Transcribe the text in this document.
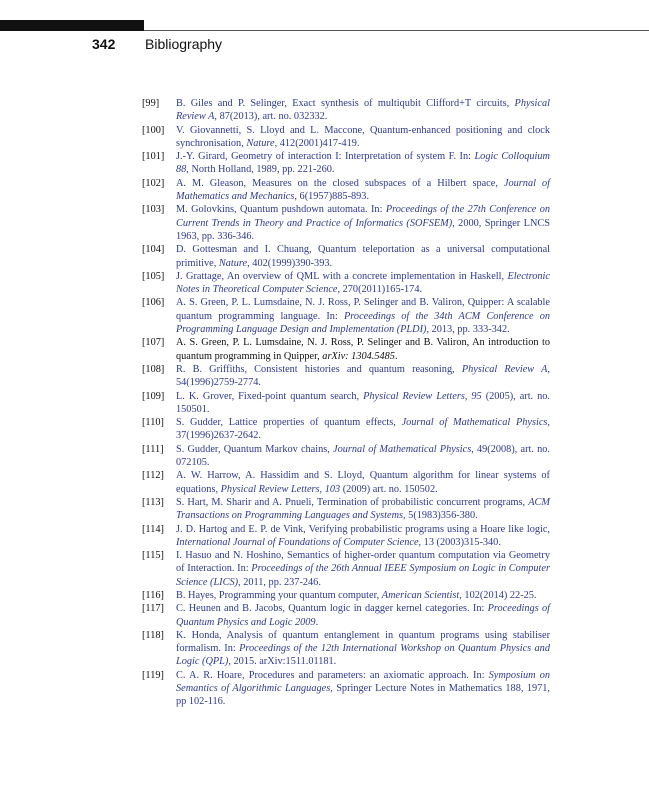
342 Bibliography
[99]	B. Giles and P. Selinger, Exact synthesis of multiqubit Clifford+T circuits, Physical Review A, 87(2013), art. no. 032332.
[100]	V. Giovannetti, S. Lloyd and L. Maccone, Quantum-enhanced positioning and clock synchronisation, Nature, 412(2001)417-419.
[101]	J.-Y. Girard, Geometry of interaction I: Interpretation of system F. In: Logic Colloquium 88, North Holland, 1989, pp. 221-260.
[102]	A. M. Gleason, Measures on the closed subspaces of a Hilbert space, Journal of Mathematics and Mechanics, 6(1957)885-893.
[103]	M. Golovkins, Quantum pushdown automata. In: Proceedings of the 27th Conference on Current Trends in Theory and Practice of Informatics (SOFSEM), 2000, Springer LNCS 1963, pp. 336-346.
[104]	D. Gottesman and I. Chuang, Quantum teleportation as a universal computational primitive, Nature, 402(1999)390-393.
[105]	J. Grattage, An overview of QML with a concrete implementation in Haskell, Electronic Notes in Theoretical Computer Science, 270(2011)165-174.
[106]	A. S. Green, P. L. Lumsdaine, N. J. Ross, P. Selinger and B. Valiron, Quipper: A scalable quantum programming language. In: Proceedings of the 34th ACM Conference on Programming Language Design and Implementation (PLDI), 2013, pp. 333-342.
[107]	A. S. Green, P. L. Lumsdaine, N. J. Ross, P. Selinger and B. Valiron, An introduction to quantum programming in Quipper, arXiv: 1304.5485.
[108]	R. B. Griffiths, Consistent histories and quantum reasoning, Physical Review A, 54(1996)2759-2774.
[109]	L. K. Grover, Fixed-point quantum search, Physical Review Letters, 95 (2005), art. no. 150501.
[110]	S. Gudder, Lattice properties of quantum effects, Journal of Mathematical Physics, 37(1996)2637-2642.
[111]	S. Gudder, Quantum Markov chains, Journal of Mathematical Physics, 49(2008), art. no. 072105.
[112]	A. W. Harrow, A. Hassidim and S. Lloyd, Quantum algorithm for linear systems of equations, Physical Review Letters, 103 (2009) art. no. 150502.
[113]	S. Hart, M. Sharir and A. Pnueli, Termination of probabilistic concurrent programs, ACM Transactions on Programming Languages and Systems, 5(1983)356-380.
[114]	J. D. Hartog and E. P. de Vink, Verifying probabilistic programs using a Hoare like logic, International Journal of Foundations of Computer Science, 13 (2003)315-340.
[115]	I. Hasuo and N. Hoshino, Semantics of higher-order quantum computation via Geometry of Interaction. In: Proceedings of the 26th Annual IEEE Symposium on Logic in Computer Science (LICS), 2011, pp. 237-246.
[116]	B. Hayes, Programming your quantum computer, American Scientist, 102(2014) 22-25.
[117]	C. Heunen and B. Jacobs, Quantum logic in dagger kernel categories. In: Proceedings of Quantum Physics and Logic 2009.
[118]	K. Honda, Analysis of quantum entanglement in quantum programs using stabiliser formalism. In: Proceedings of the 12th International Workshop on Quantum Physics and Logic (QPL), 2015. arXiv:1511.01181.
[119]	C. A. R. Hoare, Procedures and parameters: an axiomatic approach. In: Symposium on Semantics of Algorithmic Languages, Springer Lecture Notes in Mathematics 188, 1971, pp 102-116.
